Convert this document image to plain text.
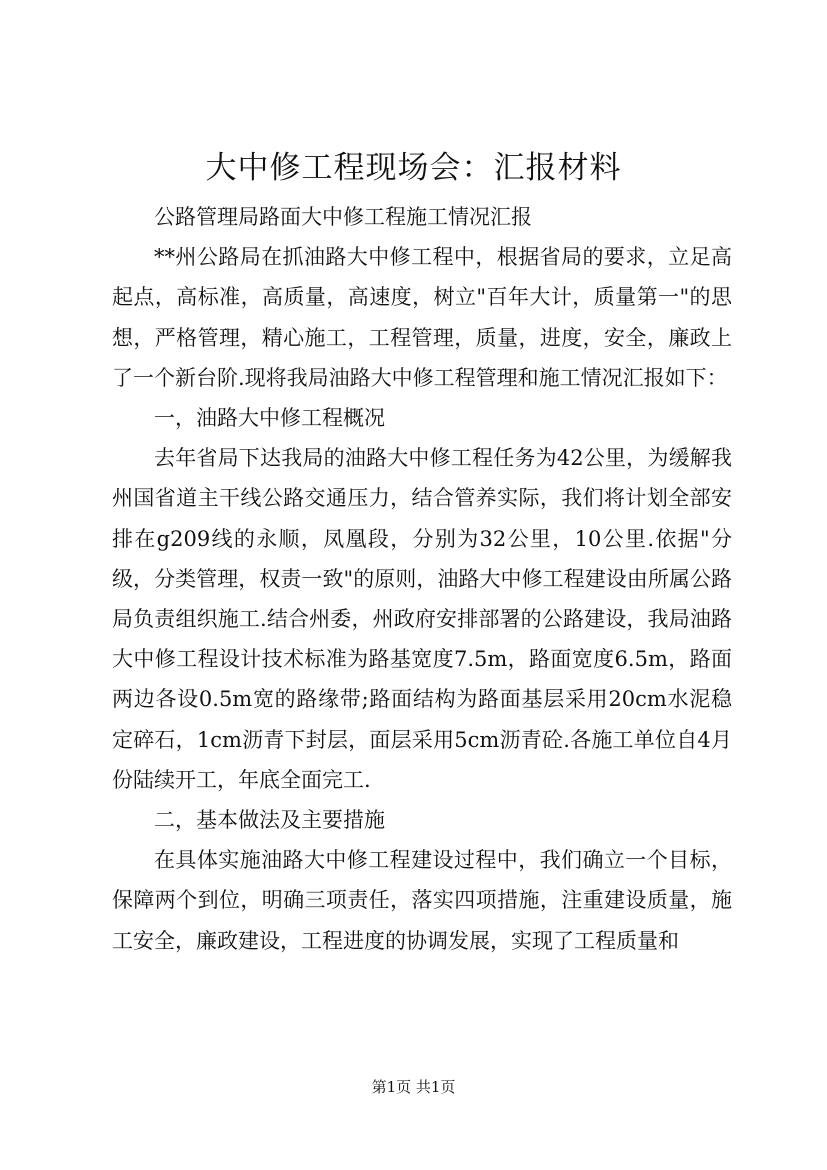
大中修工程现场会：汇报材料

公路管理局路面大中修工程施工情况汇报

**州公路局在抓油路大中修工程中，根据省局的要求，立足高起点，高标准，高质量，高速度，树立"百年大计，质量第一"的思想，严格管理，精心施工，工程管理，质量，进度，安全，廉政上了一个新台阶.现将我局油路大中修工程管理和施工情况汇报如下：

一，油路大中修工程概况

去年省局下达我局的油路大中修工程任务为42公里，为缓解我州国省道主干线公路交通压力，结合管养实际，我们将计划全部安排在g209线的永顺，凤凰段，分别为32公里，10公里.依据"分级，分类管理，权责一致"的原则，油路大中修工程建设由所属公路局负责组织施工.结合州委，州政府安排部署的公路建设，我局油路大中修工程设计技术标准为路基宽度7.5m，路面宽度6.5m，路面两边各设0.5m宽的路缘带;路面结构为路面基层采用20cm水泥稳定碎石，1cm沥青下封层，面层采用5cm沥青砼.各施工单位自4月份陆续开工，年底全面完工.

二，基本做法及主要措施

在具体实施油路大中修工程建设过程中，我们确立一个目标，保障两个到位，明确三项责任，落实四项措施，注重建设质量，施工安全，廉政建设，工程进度的协调发展，实现了工程质量和

第1页 共1页
